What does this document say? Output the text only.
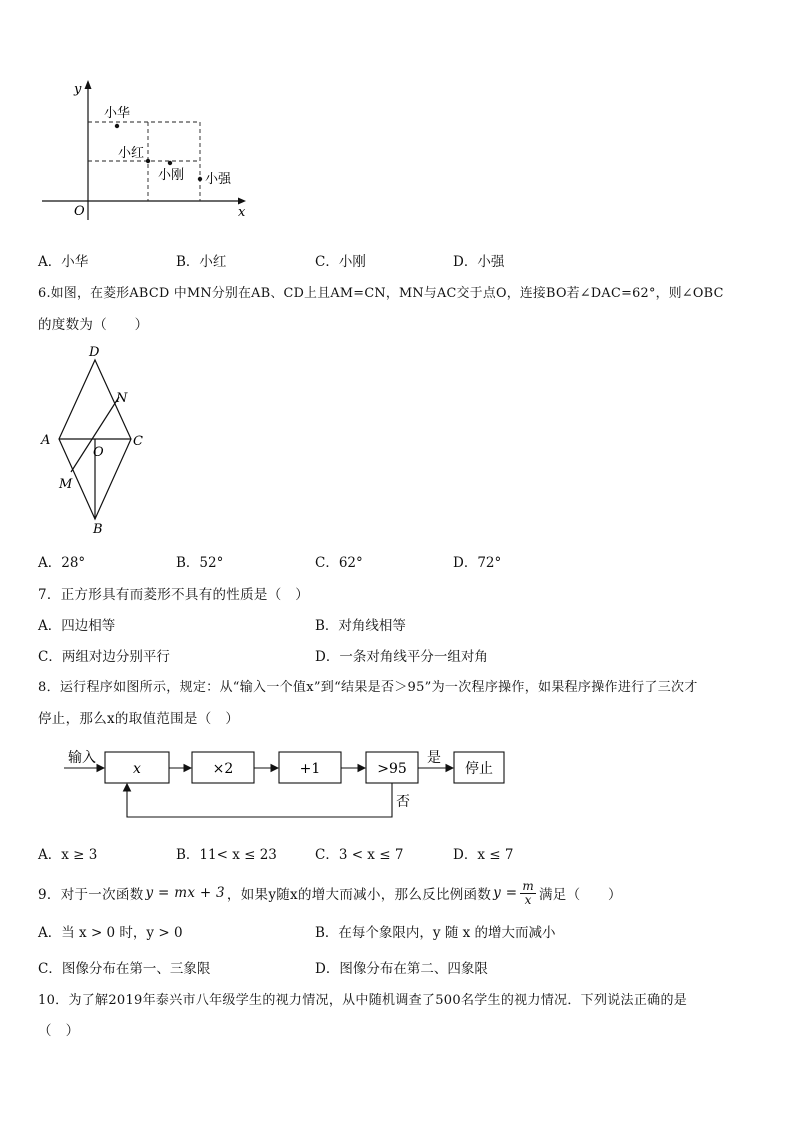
y
x
O
小华
小红
小刚 小强
A．小华	B．小红	C．小刚	D．小强
6.如图，在菱形ABCD 中MN分别在AB、CD上且AM=CN，MN与AC交于点O，连接BO若∠DAC=62°，则∠OBC
的度数为（　　）
D
N
A
O
C
M
B
A．28°	B．52°	C．62°	D．72°
7．正方形具有而菱形不具有的性质是（　）
A．四边相等	B．对角线相等
C．两组对边分别平行	D．一条对角线平分一组对角
8．运行程序如图所示，规定：从“输入一个值x”到“结果是否＞95”为一次程序操作，如果程序操作进行了三次才
停止，那么x的取值范围是（　）
输入
x	×2	+1	>95
是
停止
否
A．x ≥ 3	B．11< x ≤ 23	C．3 < x ≤ 7	D．x ≤ 7
9．对于一次函数 y = mx + 3 ，如果y随x的增大而减小，那么反比例函数 $y = \frac{m}{x}$ 满足（　　）
A．当 x > 0 时，y > 0	B．在每个象限内，y 随 x 的增大而减小
C．图像分布在第一、三象限	D．图像分布在第二、四象限
10．为了解2019年泰兴市八年级学生的视力情况，从中随机调查了500名学生的视力情况．下列说法正确的是
（　）
